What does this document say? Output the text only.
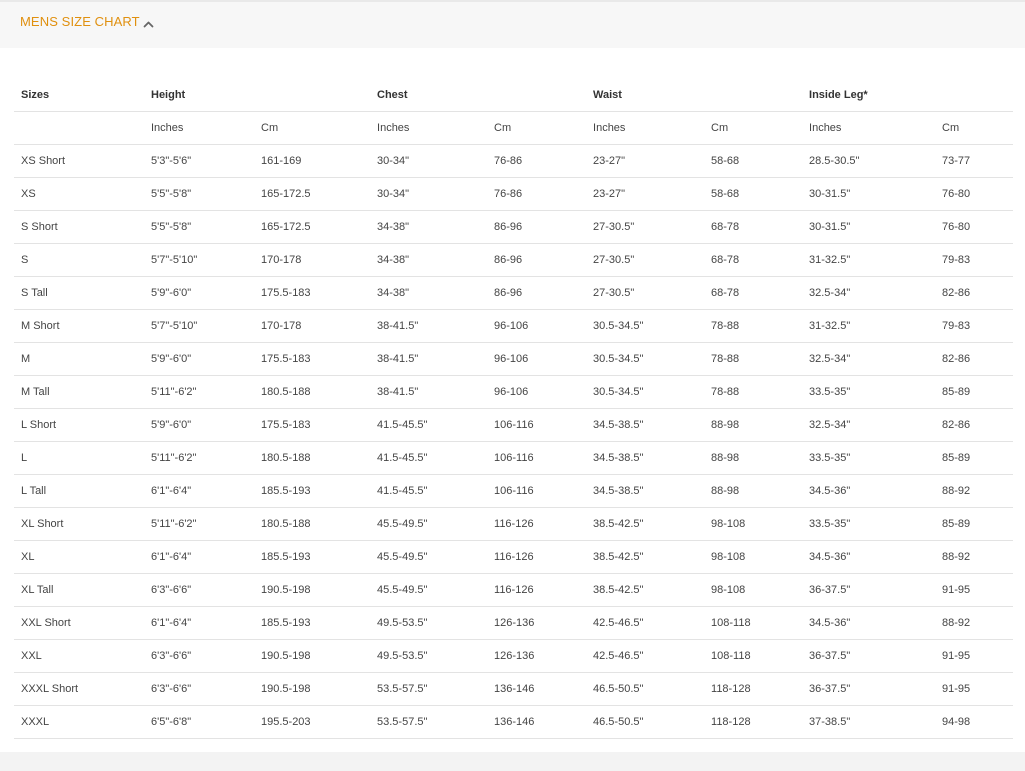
MENS SIZE CHART
Sizes	Height		Chest		Waist		Inside Leg*	
	Inches	Cm	Inches	Cm	Inches	Cm	Inches	Cm
XS Short	5'3"-5'6"	161-169	30-34"	76-86	23-27"	58-68	28.5-30.5"	73-77
XS	5'5"-5'8"	165-172.5	30-34"	76-86	23-27"	58-68	30-31.5"	76-80
S Short	5'5"-5'8"	165-172.5	34-38"	86-96	27-30.5"	68-78	30-31.5"	76-80
S	5'7"-5'10"	170-178	34-38"	86-96	27-30.5"	68-78	31-32.5"	79-83
S Tall	5'9"-6'0"	175.5-183	34-38"	86-96	27-30.5"	68-78	32.5-34"	82-86
M Short	5'7"-5'10"	170-178	38-41.5"	96-106	30.5-34.5"	78-88	31-32.5"	79-83
M	5'9"-6'0"	175.5-183	38-41.5"	96-106	30.5-34.5"	78-88	32.5-34"	82-86
M Tall	5'11"-6'2"	180.5-188	38-41.5"	96-106	30.5-34.5"	78-88	33.5-35"	85-89
L Short	5'9"-6'0"	175.5-183	41.5-45.5"	106-116	34.5-38.5"	88-98	32.5-34"	82-86
L	5'11"-6'2"	180.5-188	41.5-45.5"	106-116	34.5-38.5"	88-98	33.5-35"	85-89
L Tall	6'1"-6'4"	185.5-193	41.5-45.5"	106-116	34.5-38.5"	88-98	34.5-36"	88-92
XL Short	5'11"-6'2"	180.5-188	45.5-49.5"	116-126	38.5-42.5"	98-108	33.5-35"	85-89
XL	6'1"-6'4"	185.5-193	45.5-49.5"	116-126	38.5-42.5"	98-108	34.5-36"	88-92
XL Tall	6'3"-6'6"	190.5-198	45.5-49.5"	116-126	38.5-42.5"	98-108	36-37.5"	91-95
XXL Short	6'1"-6'4"	185.5-193	49.5-53.5"	126-136	42.5-46.5"	108-118	34.5-36"	88-92
XXL	6'3"-6'6"	190.5-198	49.5-53.5"	126-136	42.5-46.5"	108-118	36-37.5"	91-95
XXXL Short	6'3"-6'6"	190.5-198	53.5-57.5"	136-146	46.5-50.5"	118-128	36-37.5"	91-95
XXXL	6'5"-6'8"	195.5-203	53.5-57.5"	136-146	46.5-50.5"	118-128	37-38.5"	94-98
